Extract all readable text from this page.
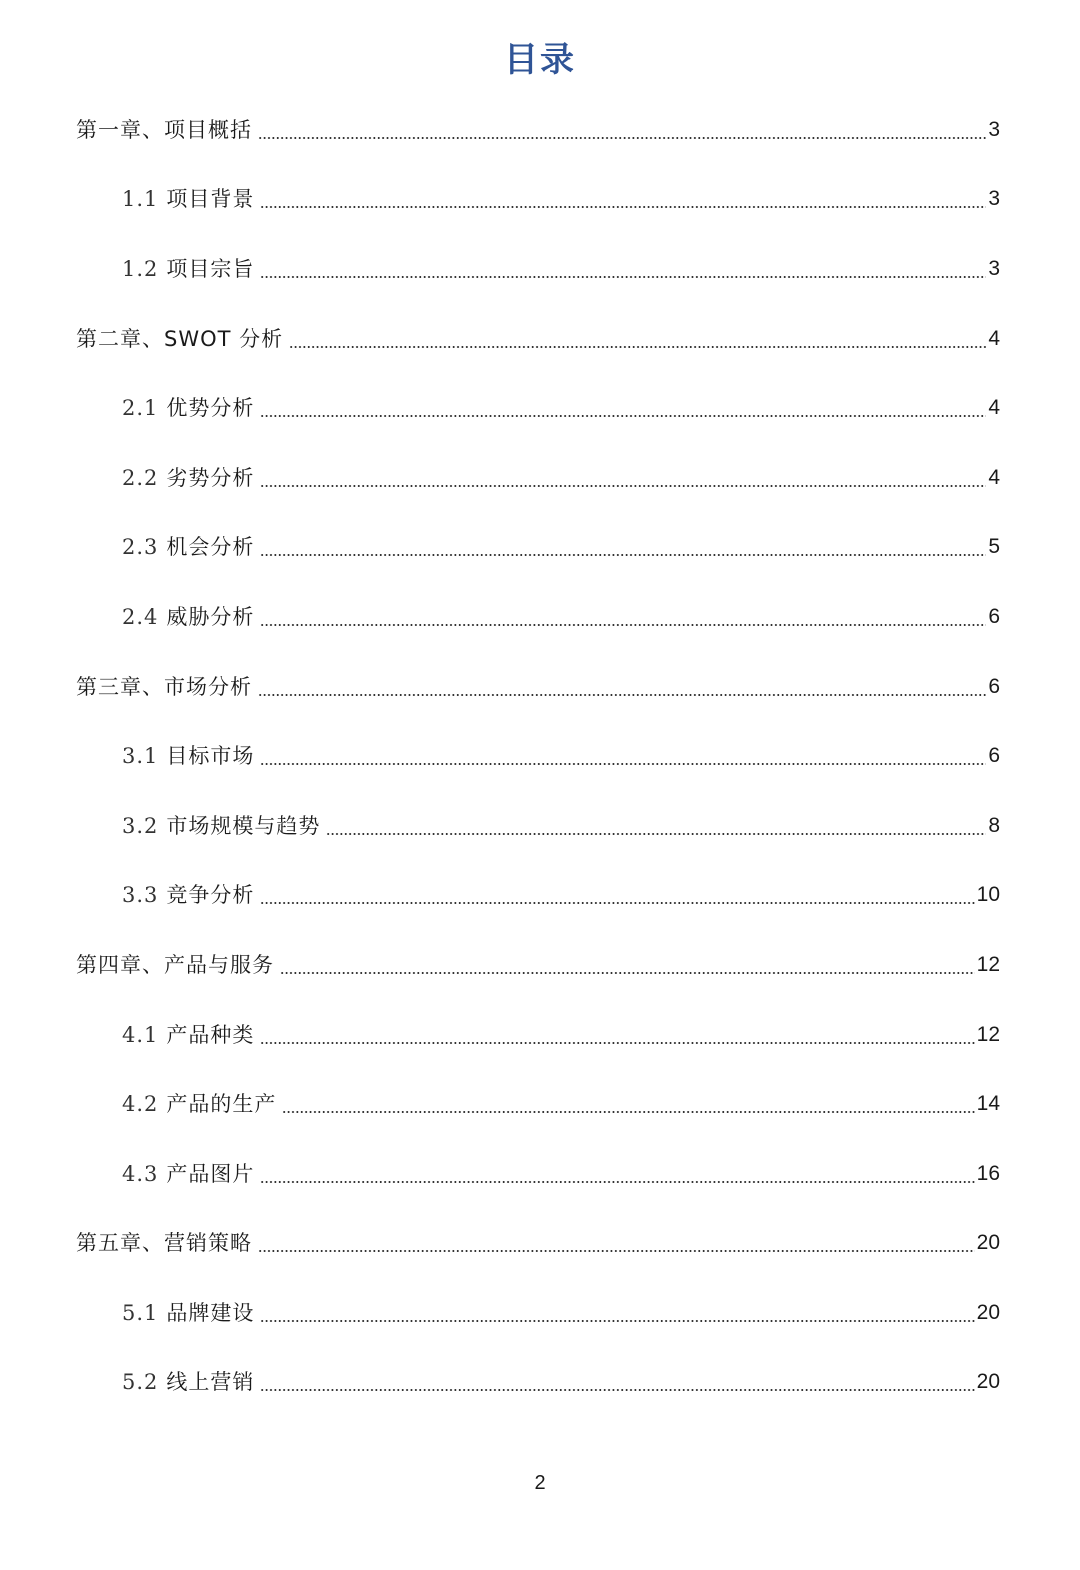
目录
第一章、项目概括	3
1.1 项目背景	3
1.2 项目宗旨	3
第二章、SWOT 分析	4
2.1 优势分析	4
2.2 劣势分析	4
2.3 机会分析	5
2.4 威胁分析	6
第三章、市场分析	6
3.1 目标市场	6
3.2 市场规模与趋势	8
3.3 竞争分析	10
第四章、产品与服务	12
4.1 产品种类	12
4.2 产品的生产	14
4.3 产品图片	16
第五章、营销策略	20
5.1 品牌建设	20
5.2 线上营销	20
2
